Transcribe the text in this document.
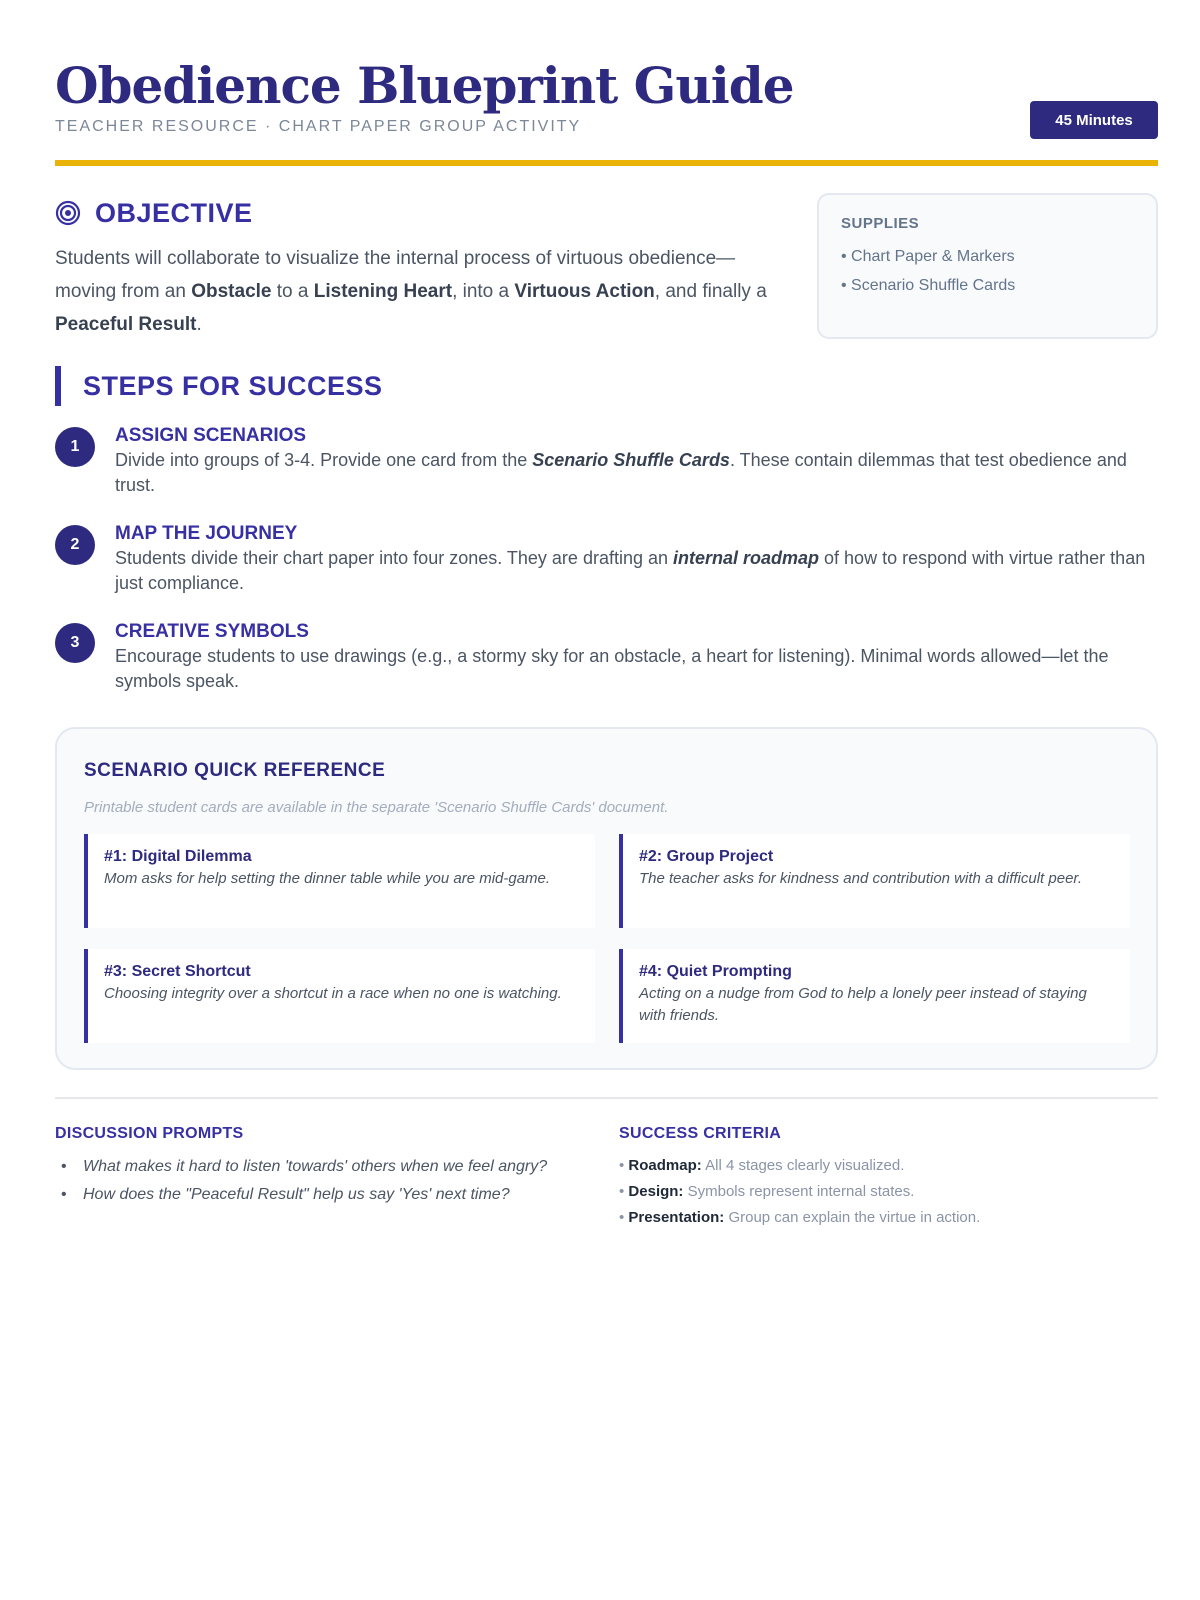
Obedience Blueprint Guide
TEACHER RESOURCE · CHART PAPER GROUP ACTIVITY	45 Minutes
OBJECTIVE

Students will collaborate to visualize the internal process of virtuous obedience—moving from an Obstacle to a Listening Heart, into a Virtuous Action, and finally a Peaceful Result.

SUPPLIES
• Chart Paper & Markers
• Scenario Shuffle Cards
STEPS FOR SUCCESS
1
ASSIGN SCENARIOS
Divide into groups of 3-4. Provide one card from the Scenario Shuffle Cards. These contain dilemmas that test obedience and trust.
2
MAP THE JOURNEY
Students divide their chart paper into four zones. They are drafting an internal roadmap of how to respond with virtue rather than just compliance.
3
CREATIVE SYMBOLS
Encourage students to use drawings (e.g., a stormy sky for an obstacle, a heart for listening). Minimal words allowed—let the symbols speak.
SCENARIO QUICK REFERENCE
Printable student cards are available in the separate 'Scenario Shuffle Cards' document.
#1: Digital Dilemma
Mom asks for help setting the dinner table while you are mid-game.
#2: Group Project
The teacher asks for kindness and contribution with a difficult peer.
#3: Secret Shortcut
Choosing integrity over a shortcut in a race when no one is watching.
#4: Quiet Prompting
Acting on a nudge from God to help a lonely peer instead of staying with friends.
DISCUSSION PROMPTS
• What makes it hard to listen 'towards' others when we feel angry?
• How does the "Peaceful Result" help us say 'Yes' next time?
SUCCESS CRITERIA
• Roadmap: All 4 stages clearly visualized.
• Design: Symbols represent internal states.
• Presentation: Group can explain the virtue in action.
